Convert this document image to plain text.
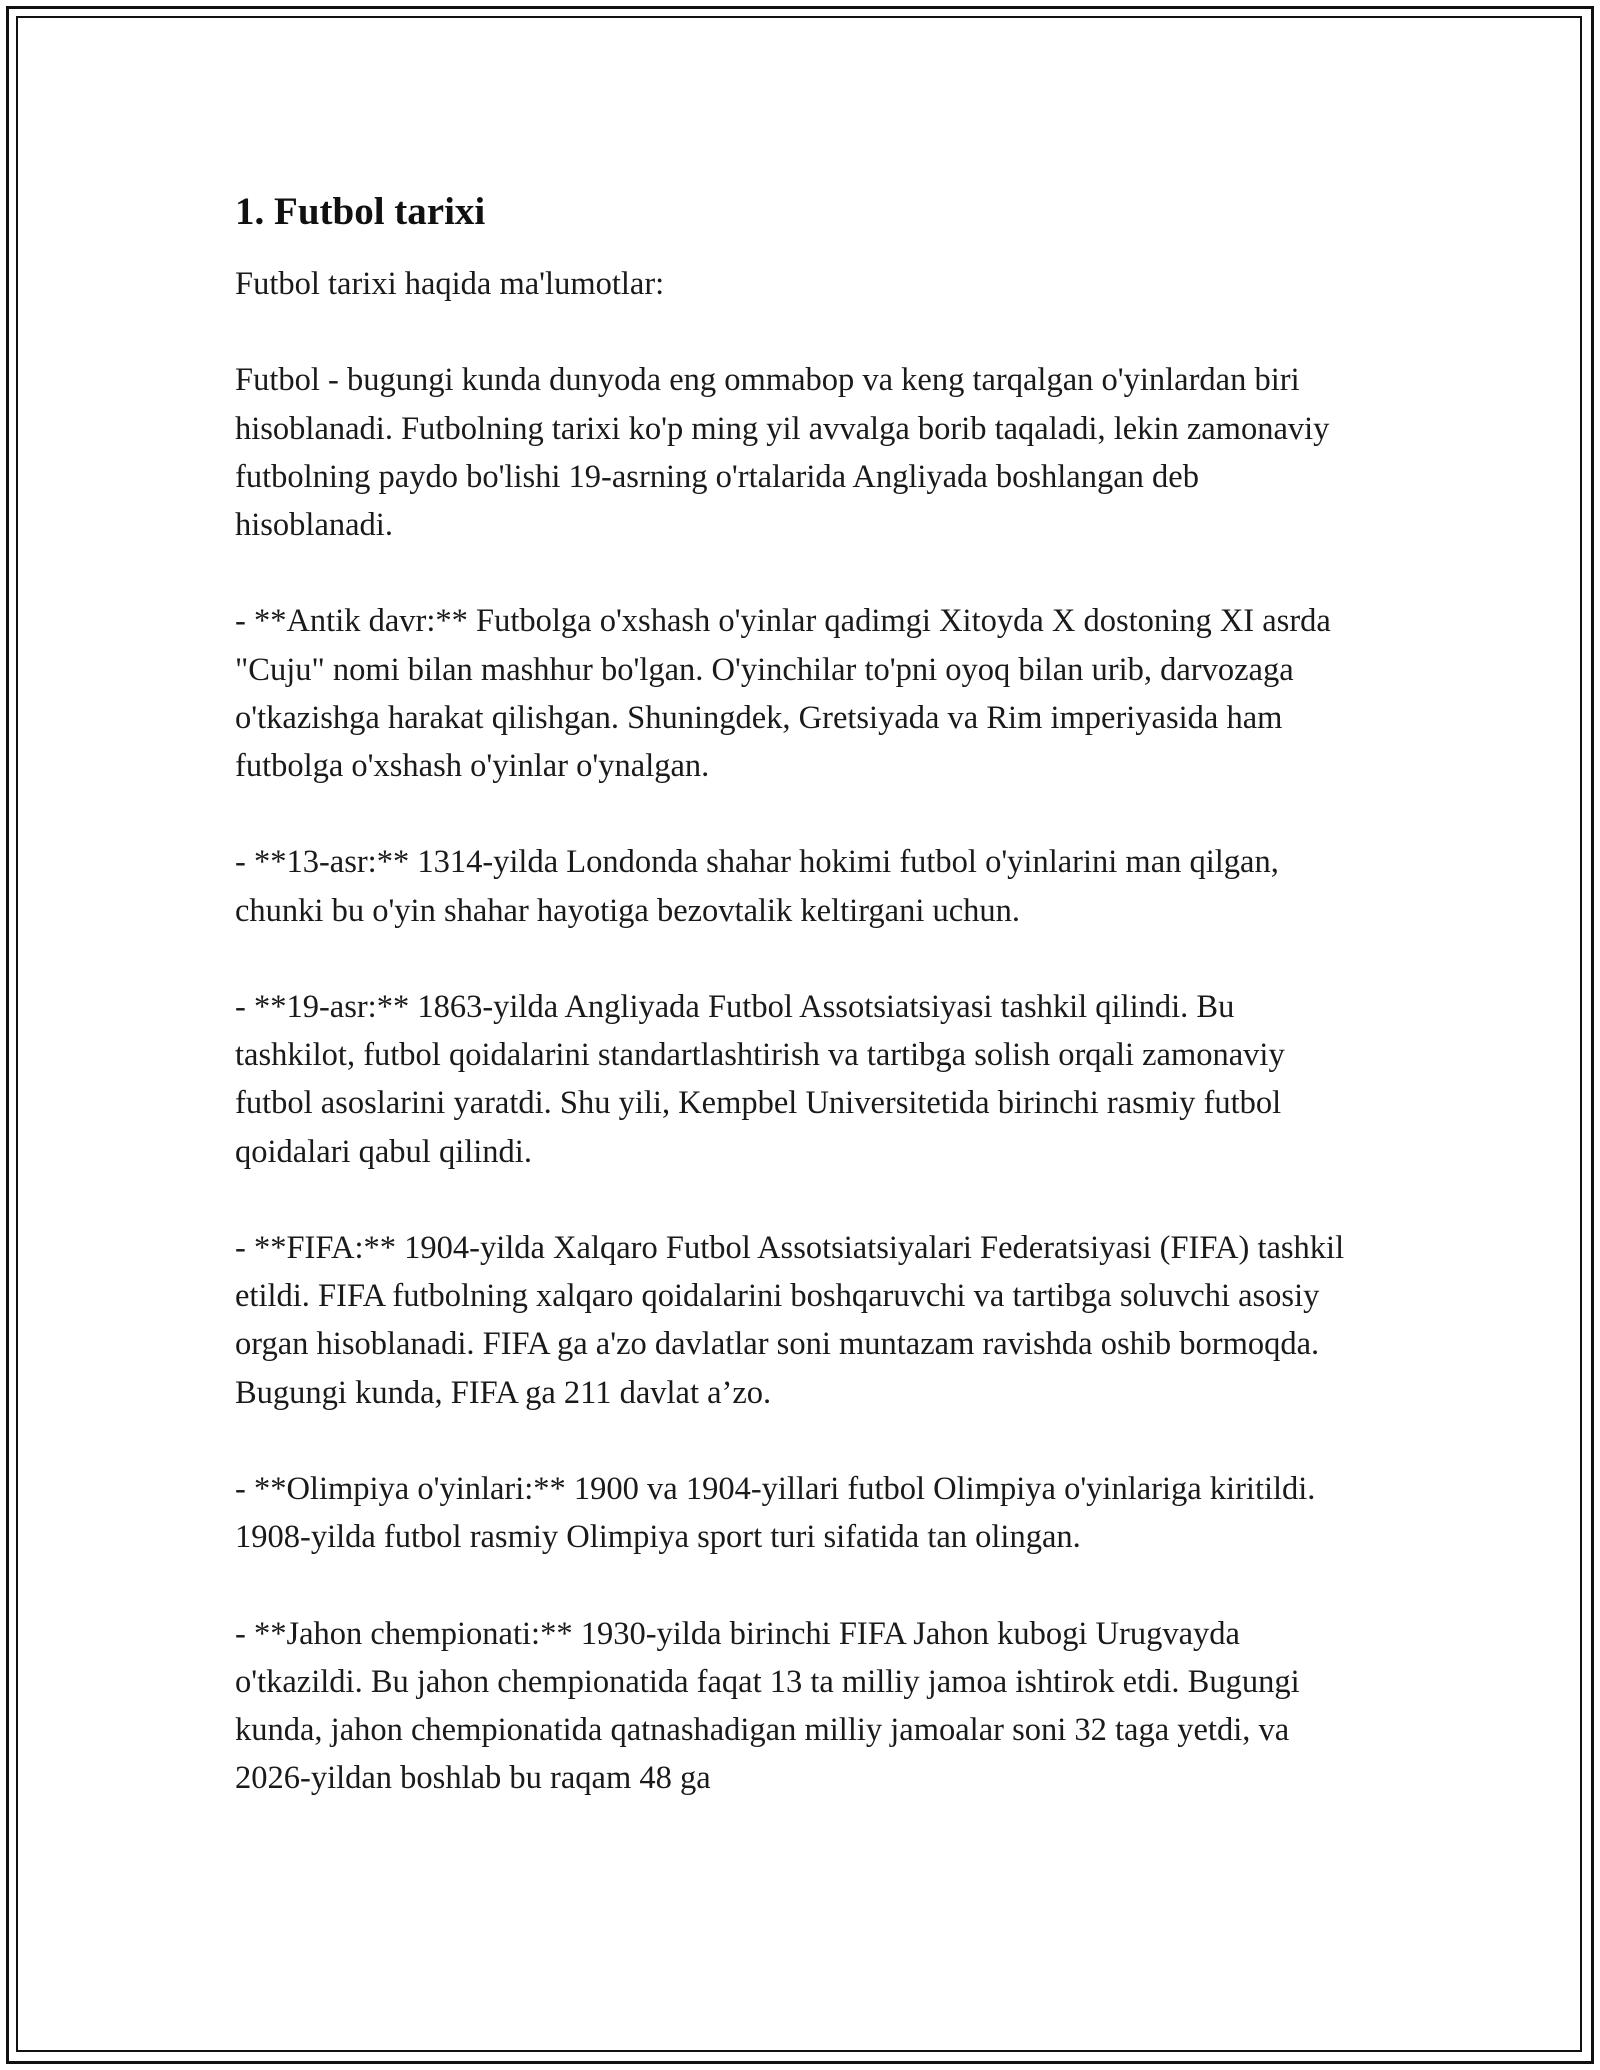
1. Futbol tarixi

Futbol tarixi haqida ma'lumotlar:

Futbol - bugungi kunda dunyoda eng ommabop va keng tarqalgan o'yinlardan biri hisoblanadi. Futbolning tarixi ko'p ming yil avvalga borib taqaladi, lekin zamonaviy futbolning paydo bo'lishi 19-asrning o'rtalarida Angliyada boshlangan deb hisoblanadi.

- **Antik davr:** Futbolga o'xshash o'yinlar qadimgi Xitoyda X dostoning XI asrda "Cuju" nomi bilan mashhur bo'lgan. O'yinchilar to'pni oyoq bilan urib, darvozaga o'tkazishga harakat qilishgan. Shuningdek, Gretsiyada va Rim imperiyasida ham futbolga o'xshash o'yinlar o'ynalgan.

- **13-asr:** 1314-yilda Londonda shahar hokimi futbol o'yinlarini man qilgan, chunki bu o'yin shahar hayotiga bezovtalik keltirgani uchun.

- **19-asr:** 1863-yilda Angliyada Futbol Assotsiatsiyasi tashkil qilindi. Bu tashkilot, futbol qoidalarini standartlashtirish va tartibga solish orqali zamonaviy futbol asoslarini yaratdi. Shu yili, Kempbel Universitetida birinchi rasmiy futbol qoidalari qabul qilindi.

- **FIFA:** 1904-yilda Xalqaro Futbol Assotsiatsiyalari Federatsiyasi (FIFA) tashkil etildi. FIFA futbolning xalqaro qoidalarini boshqaruvchi va tartibga soluvchi asosiy organ hisoblanadi. FIFA ga a'zo davlatlar soni muntazam ravishda oshib bormoqda. Bugungi kunda, FIFA ga 211 davlat a’zo.

- **Olimpiya o'yinlari:** 1900 va 1904-yillari futbol Olimpiya o'yinlariga kiritildi. 1908-yilda futbol rasmiy Olimpiya sport turi sifatida tan olingan.

- **Jahon chempionati:** 1930-yilda birinchi FIFA Jahon kubogi Urugvayda o'tkazildi. Bu jahon chempionatida faqat 13 ta milliy jamoa ishtirok etdi. Bugungi kunda, jahon chempionatida qatnashadigan milliy jamoalar soni 32 taga yetdi, va 2026-yildan boshlab bu raqam 48 ga
